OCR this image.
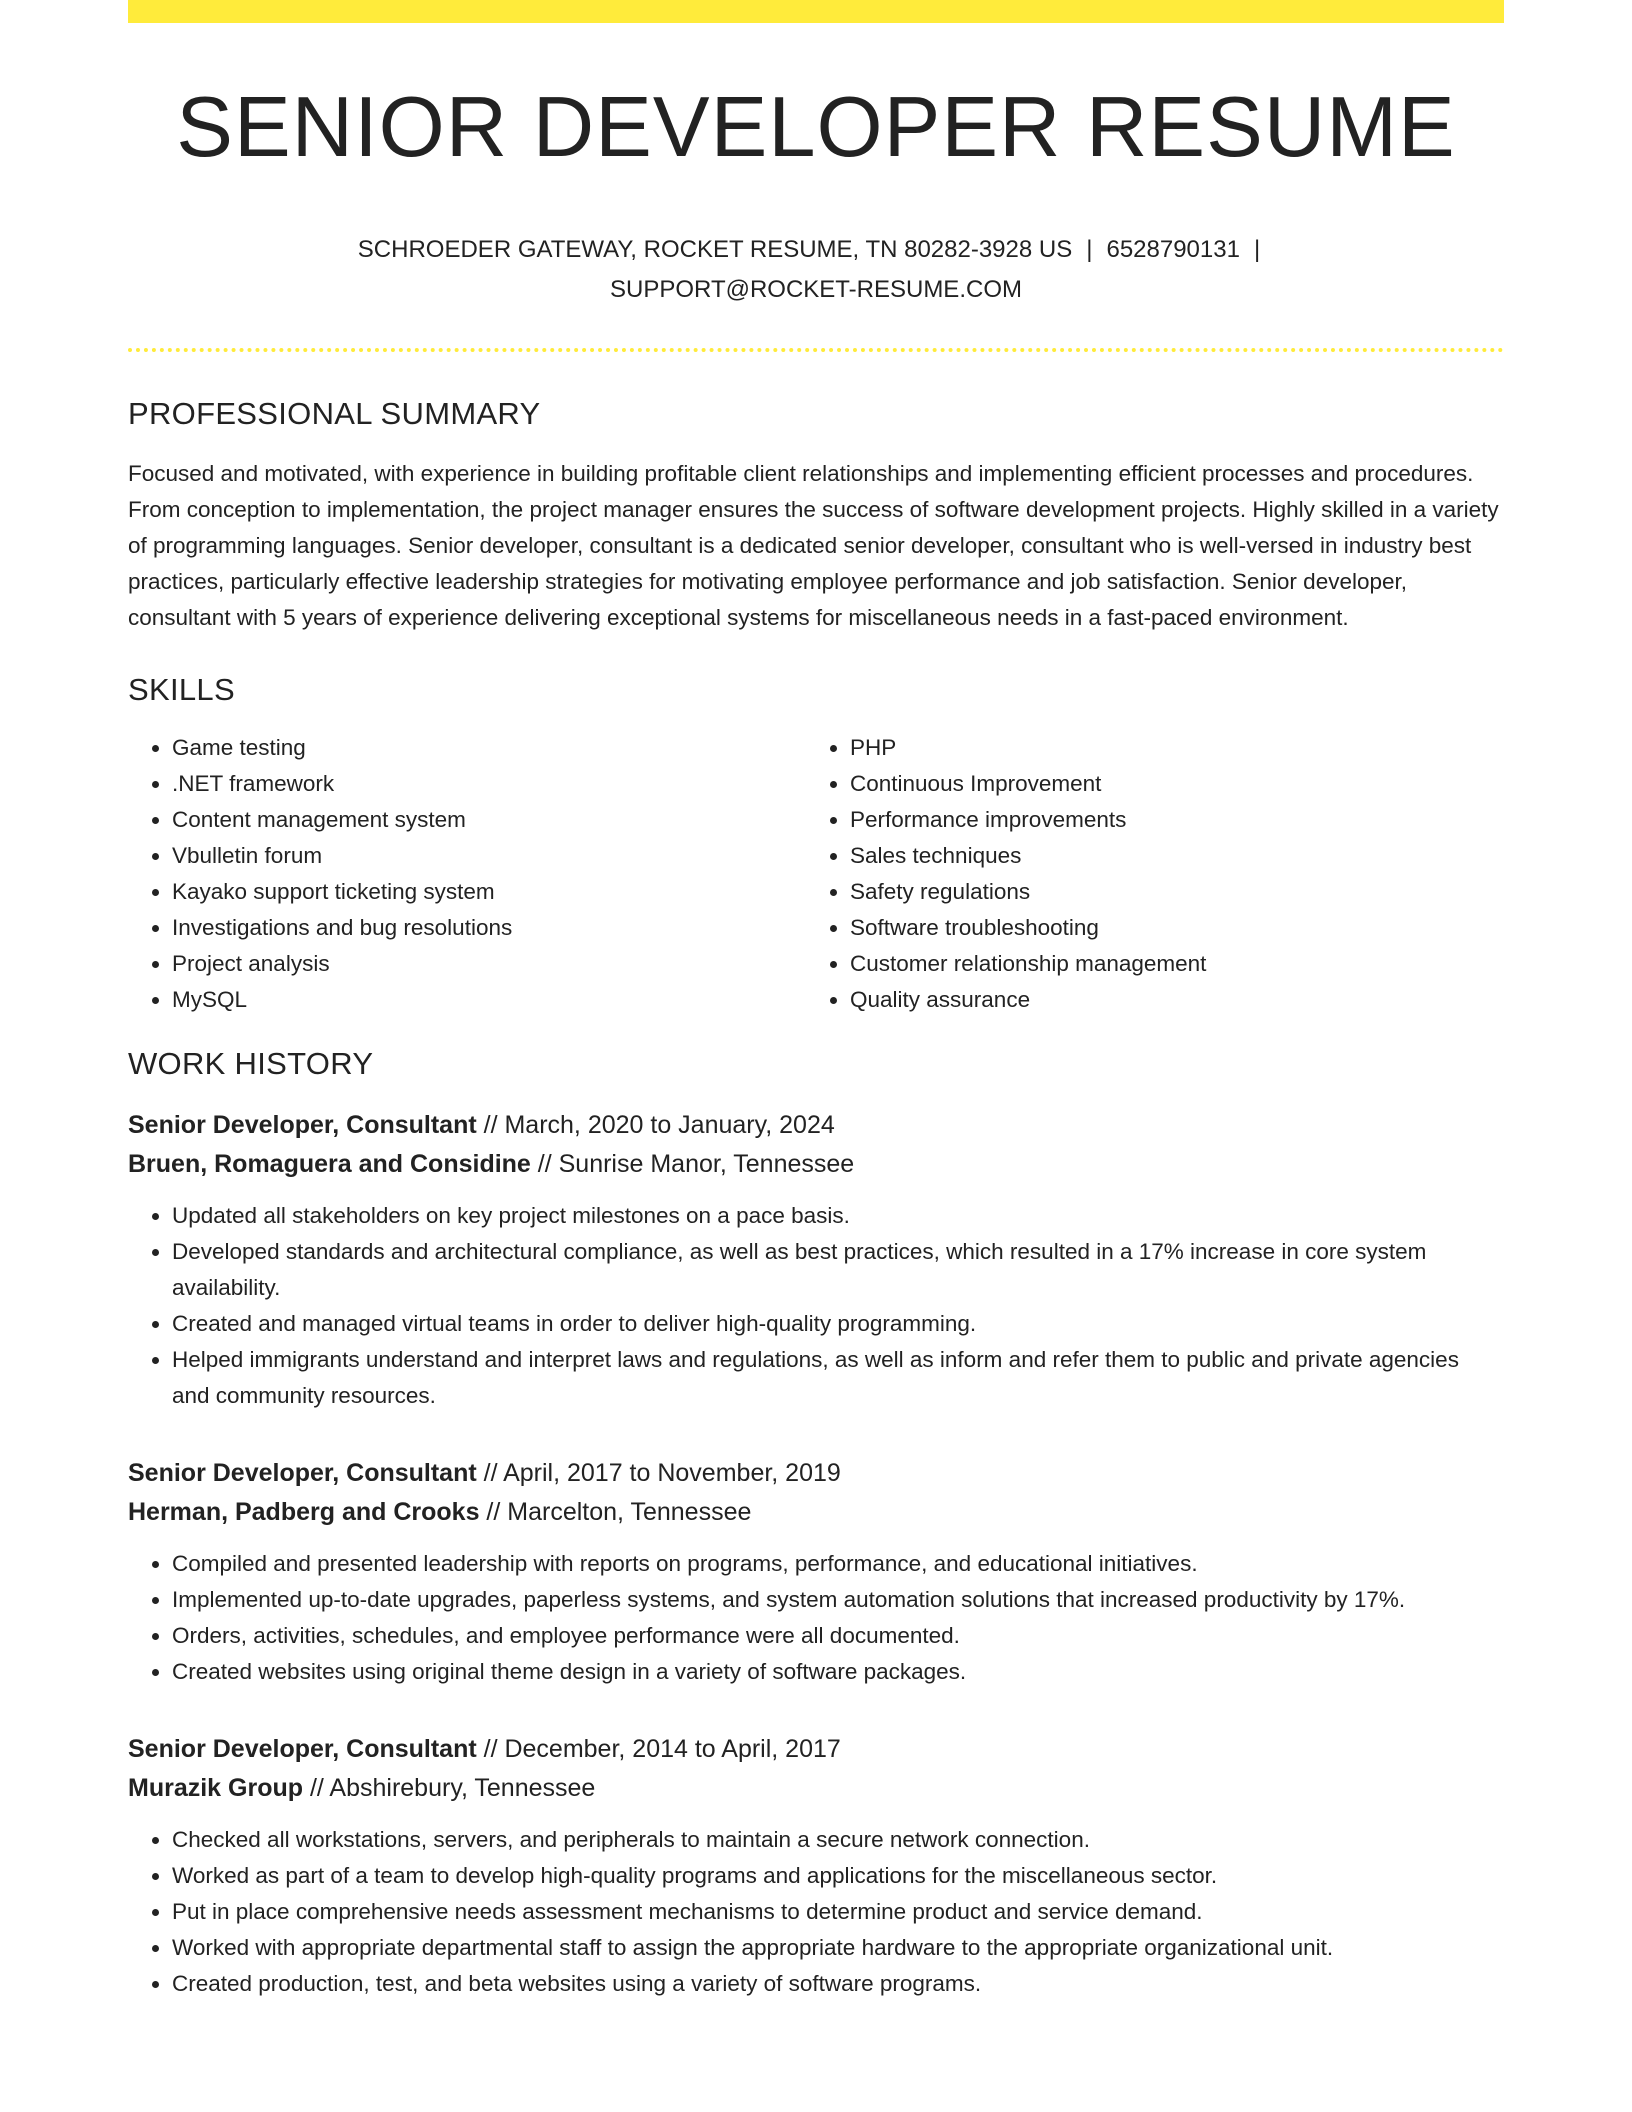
SENIOR DEVELOPER RESUME
SCHROEDER GATEWAY, ROCKET RESUME, TN 80282-3928 US | 6528790131 |
SUPPORT@ROCKET-RESUME.COM
PROFESSIONAL SUMMARY

Focused and motivated, with experience in building profitable client relationships and implementing efficient processes and procedures. From conception to implementation, the project manager ensures the success of software development projects. Highly skilled in a variety of programming languages. Senior developer, consultant is a dedicated senior developer, consultant who is well-versed in industry best practices, particularly effective leadership strategies for motivating employee performance and job satisfaction. Senior developer, consultant with 5 years of experience delivering exceptional systems for miscellaneous needs in a fast-paced environment.

SKILLS
• Game testing
• .NET framework
• Content management system
• Vbulletin forum
• Kayako support ticketing system
• Investigations and bug resolutions
• Project analysis
• MySQL
• PHP
• Continuous Improvement
• Performance improvements
• Sales techniques
• Safety regulations
• Software troubleshooting
• Customer relationship management
• Quality assurance
WORK HISTORY
Senior Developer, Consultant // March, 2020 to January, 2024
Bruen, Romaguera and Considine // Sunrise Manor, Tennessee
• Updated all stakeholders on key project milestones on a pace basis.
• Developed standards and architectural compliance, as well as best practices, which resulted in a 17% increase in core system availability.
• Created and managed virtual teams in order to deliver high-quality programming.
• Helped immigrants understand and interpret laws and regulations, as well as inform and refer them to public and private agencies and community resources.
Senior Developer, Consultant // April, 2017 to November, 2019
Herman, Padberg and Crooks // Marcelton, Tennessee
• Compiled and presented leadership with reports on programs, performance, and educational initiatives.
• Implemented up-to-date upgrades, paperless systems, and system automation solutions that increased productivity by 17%.
• Orders, activities, schedules, and employee performance were all documented.
• Created websites using original theme design in a variety of software packages.
Senior Developer, Consultant // December, 2014 to April, 2017
Murazik Group // Abshirebury, Tennessee
• Checked all workstations, servers, and peripherals to maintain a secure network connection.
• Worked as part of a team to develop high-quality programs and applications for the miscellaneous sector.
• Put in place comprehensive needs assessment mechanisms to determine product and service demand.
• Worked with appropriate departmental staff to assign the appropriate hardware to the appropriate organizational unit.
• Created production, test, and beta websites using a variety of software programs.
